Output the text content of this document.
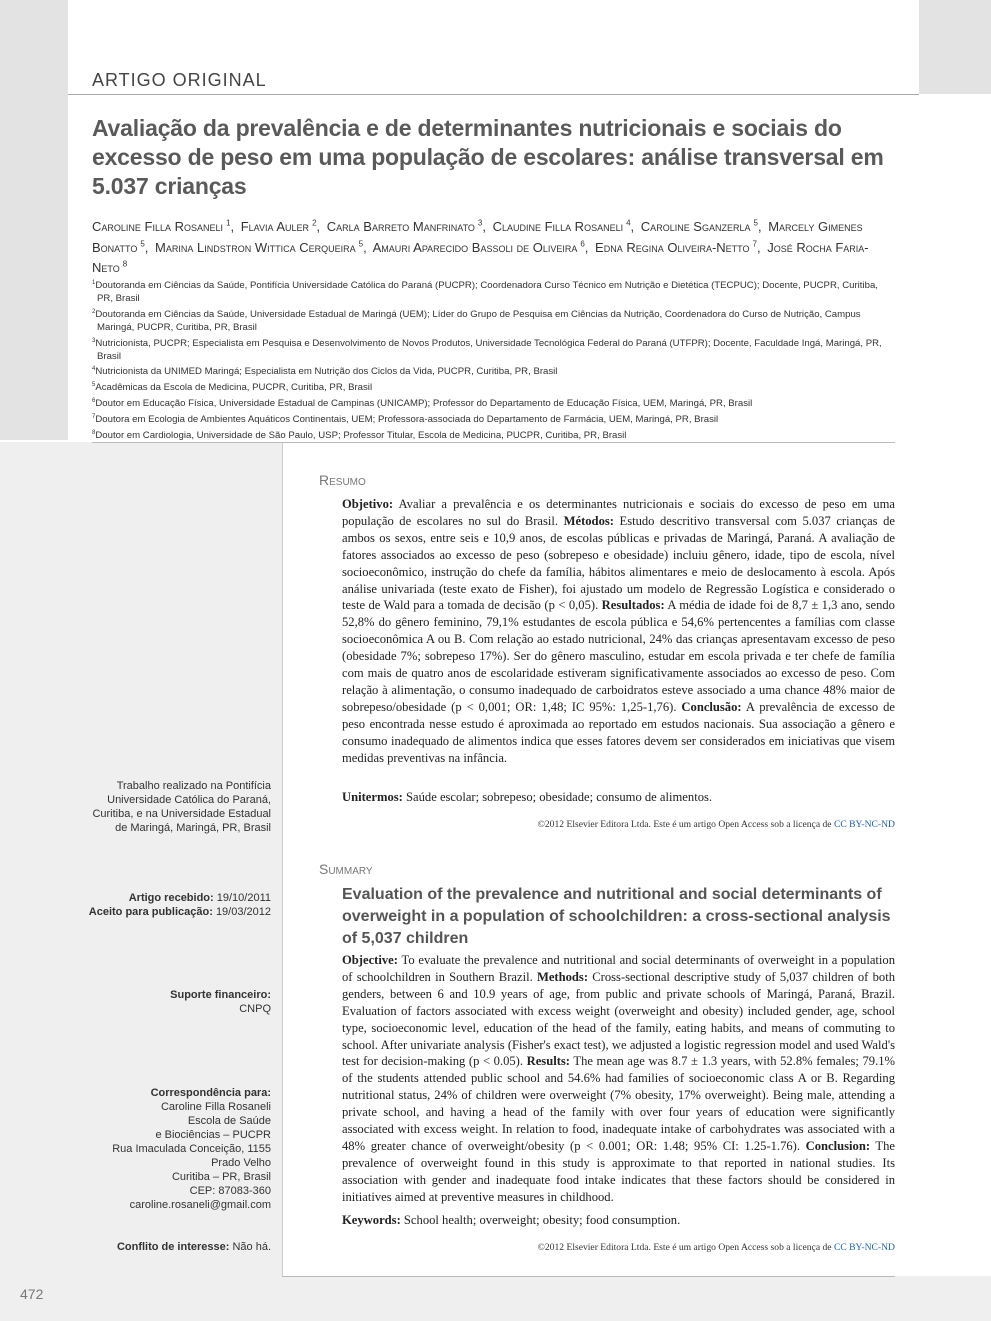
ARTIGO ORIGINAL
Avaliação da prevalência e de determinantes nutricionais e sociais do excesso de peso em uma população de escolares: análise transversal em 5.037 crianças
Caroline Filla Rosaneli $^1$, Flavia Auler $^2$, Carla Barreto Manfrinato $^3$, Claudine Filla Rosaneli $^4$, Caroline Sganzerla $^5$, Marcely Gimenes Bonatto $^5$, Marina Lindstron Wittica Cerqueira $^5$, Amauri Aparecido Bassoli de Oliveira $^6$, Edna Regina Oliveira-Netto $^7$, José Rocha Faria-Neto $^8$
$^1$Doutoranda em Ciências da Saúde, Pontifícia Universidade Católica do Paraná (PUCPR); Coordenadora Curso Técnico em Nutrição e Dietética (TECPUC); Docente, PUCPR, Curitiba, PR, Brasil
$^2$Doutoranda em Ciências da Saúde, Universidade Estadual de Maringá (UEM); Líder do Grupo de Pesquisa em Ciências da Nutrição, Coordenadora do Curso de Nutrição, Campus Maringá, PUCPR, Curitiba, PR, Brasil
$^3$Nutricionista, PUCPR; Especialista em Pesquisa e Desenvolvimento de Novos Produtos, Universidade Tecnológica Federal do Paraná (UTFPR); Docente, Faculdade Ingá, Maringá, PR, Brasil
$^4$Nutricionista da UNIMED Maringá; Especialista em Nutrição dos Ciclos da Vida, PUCPR, Curitiba, PR, Brasil
$^5$Acadêmicas da Escola de Medicina, PUCPR, Curitiba, PR, Brasil
$^6$Doutor em Educação Física, Universidade Estadual de Campinas (UNICAMP); Professor do Departamento de Educação Física, UEM, Maringá, PR, Brasil
$^7$Doutora em Ecologia de Ambientes Aquáticos Continentais, UEM; Professora-associada do Departamento de Farmácia, UEM, Maringá, PR, Brasil
$^8$Doutor em Cardiologia, Universidade de São Paulo, USP; Professor Titular, Escola de Medicina, PUCPR, Curitiba, PR, Brasil
Trabalho realizado na Pontifícia Universidade Católica do Paraná, Curitiba, e na Universidade Estadual de Maringá, Maringá, PR, Brasil
Artigo recebido: 19/10/2011
Aceito para publicação: 19/03/2012
Suporte financeiro:
CNPQ
Correspondência para:
Caroline Filla Rosaneli
Escola de Saúde
e Biociências – PUCPR
Rua Imaculada Conceição, 1155
Prado Velho
Curitiba – PR, Brasil
CEP: 87083-360
caroline.rosaneli@gmail.com
Conflito de interesse: Não há.
Resumo
Objetivo: Avaliar a prevalência e os determinantes nutricionais e sociais do excesso de peso em uma população de escolares no sul do Brasil. Métodos: Estudo descritivo transversal com 5.037 crianças de ambos os sexos, entre seis e 10,9 anos, de escolas públicas e privadas de Maringá, Paraná. A avaliação de fatores associados ao excesso de peso (sobrepeso e obesidade) incluiu gênero, idade, tipo de escola, nível socioeconômico, instrução do chefe da família, hábitos alimentares e meio de deslocamento à escola. Após análise univariada (teste exato de Fisher), foi ajustado um modelo de Regressão Logística e considerado o teste de Wald para a tomada de decisão (p < 0,05). Resultados: A média de idade foi de 8,7 ± 1,3 ano, sendo 52,8% do gênero feminino, 79,1% estudantes de escola pública e 54,6% pertencentes a famílias com classe socioeconômica A ou B. Com relação ao estado nutricional, 24% das crianças apresentavam excesso de peso (obesidade 7%; sobrepeso 17%). Ser do gênero masculino, estudar em escola privada e ter chefe de família com mais de quatro anos de escolaridade estiveram significativamente associados ao excesso de peso. Com relação à alimentação, o consumo inadequado de carboidratos esteve associado a uma chance 48% maior de sobrepeso/obesidade (p < 0,001; OR: 1,48; IC 95%: 1,25-1,76). Conclusão: A prevalência de excesso de peso encontrada nesse estudo é aproximada ao reportado em estudos nacionais. Sua associação a gênero e consumo inadequado de alimentos indica que esses fatores devem ser considerados em iniciativas que visem medidas preventivas na infância.
Unitermos: Saúde escolar; sobrepeso; obesidade; consumo de alimentos.
©2012 Elsevier Editora Ltda. Este é um artigo Open Access sob a licença de CC BY-NC-ND
Summary
Evaluation of the prevalence and nutritional and social determinants of overweight in a population of schoolchildren: a cross-sectional analysis of 5,037 children
Objective: To evaluate the prevalence and nutritional and social determinants of overweight in a population of schoolchildren in Southern Brazil. Methods: Cross-sectional descriptive study of 5,037 children of both genders, between 6 and 10.9 years of age, from public and private schools of Maringá, Paraná, Brazil. Evaluation of factors associated with excess weight (overweight and obesity) included gender, age, school type, socioeconomic level, education of the head of the family, eating habits, and means of commuting to school. After univariate analysis (Fisher's exact test), we adjusted a logistic regression model and used Wald's test for decision-making (p < 0.05). Results: The mean age was 8.7 ± 1.3 years, with 52.8% females; 79.1% of the students attended public school and 54.6% had families of socioeconomic class A or B. Regarding nutritional status, 24% of children were overweight (7% obesity, 17% overweight). Being male, attending a private school, and having a head of the family with over four years of education were significantly associated with excess weight. In relation to food, inadequate intake of carbohydrates was associated with a 48% greater chance of overweight/obesity (p < 0.001; OR: 1.48; 95% CI: 1.25-1.76). Conclusion: The prevalence of overweight found in this study is approximate to that reported in national studies. Its association with gender and inadequate food intake indicates that these factors should be considered in initiatives aimed at preventive measures in childhood.
Keywords: School health; overweight; obesity; food consumption.
©2012 Elsevier Editora Ltda. Este é um artigo Open Access sob a licença de CC BY-NC-ND
472
